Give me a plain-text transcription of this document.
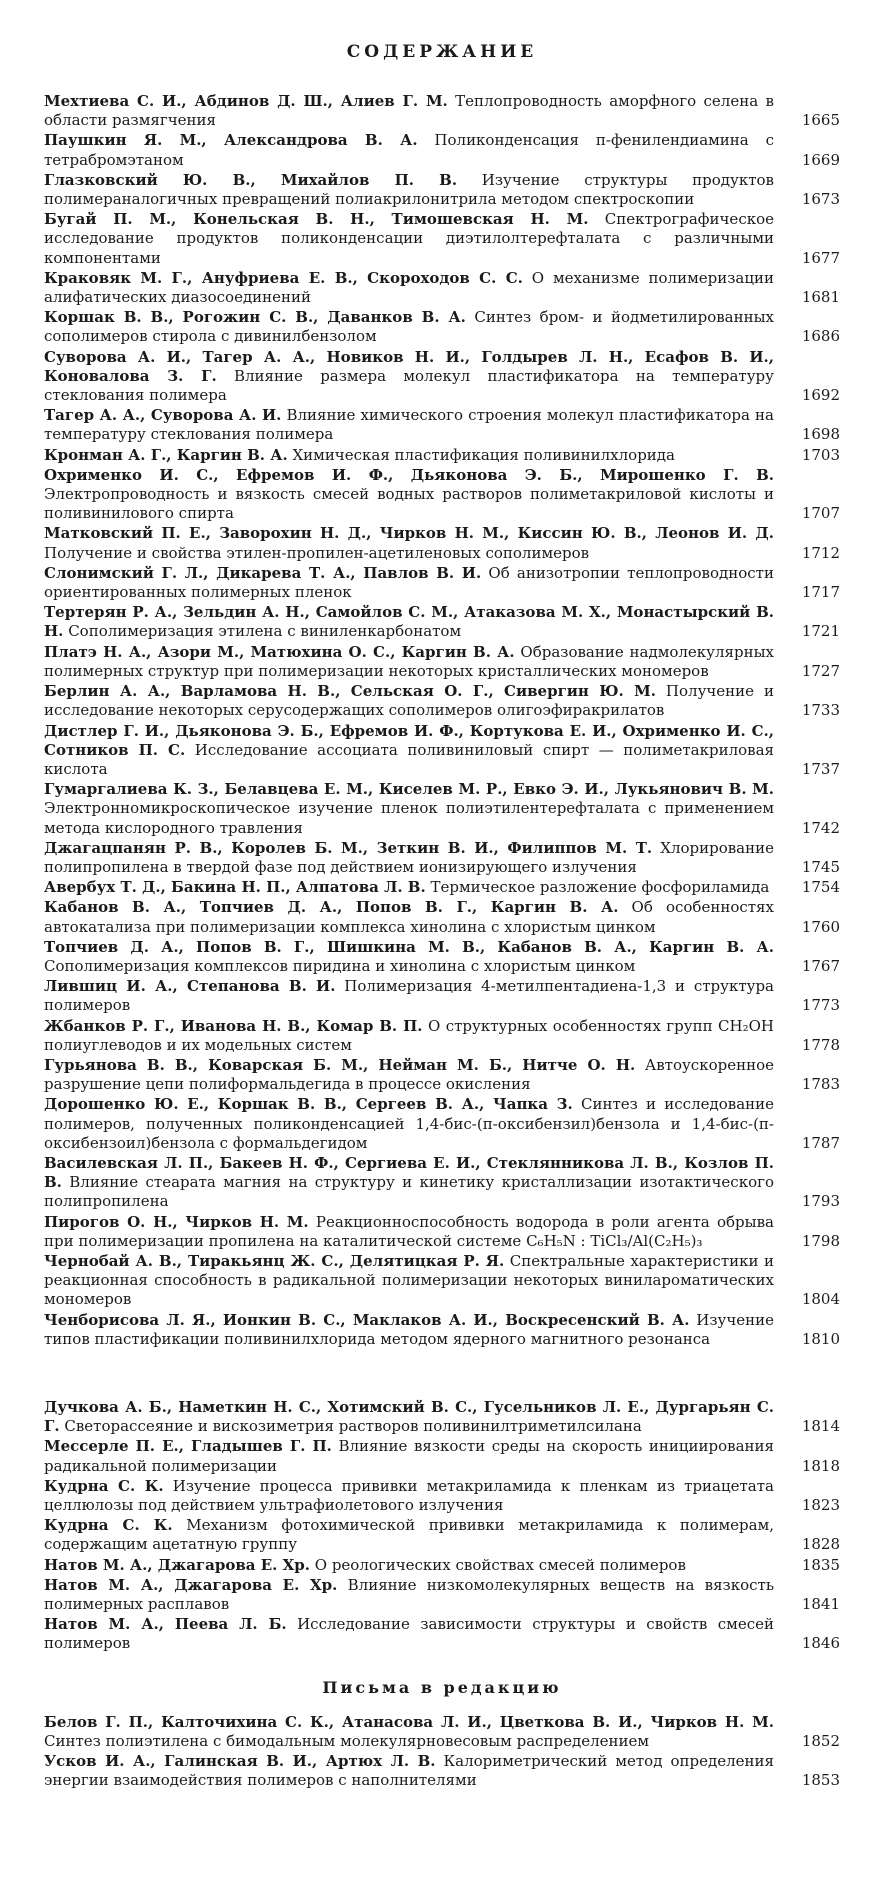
СОДЕРЖАНИЕ
Мехтиева С. И., Абдинов Д. Ш., Алиев Г. М. Теплопроводность аморфного селена в области размягчения	1665
Паушкин Я. М., Александрова В. А. Поликонденсация п-фенилендиамина с тетрабромэтаном	1669
Глазковский Ю. В., Михайлов П. В. Изучение структуры продуктов полимераналогичных превращений полиакрилонитрила методом спектроскопии	1673
Бугай П. М., Конельская В. Н., Тимошевская Н. М. Спектрографическое исследование продуктов поликонденсации диэтилолтерефталата с различными компонентами	1677
Краковяк М. Г., Ануфриева Е. В., Скороходов С. С. О механизме полимеризации алифатических диазосоединений	1681
Коршак В. В., Рогожин С. В., Даванков В. А. Синтез бром- и йодметилированных сополимеров стирола с дивинилбензолом	1686
Суворова А. И., Тагер А. А., Новиков Н. И., Голдырев Л. Н., Есафов В. И., Коновалова З. Г. Влияние размера молекул пластификатора на температуру стеклования полимера	1692
Тагер А. А., Суворова А. И. Влияние химического строения молекул пластификатора на температуру стеклования полимера	1698
Кронман А. Г., Каргин В. А. Химическая пластификация поливинилхлорида	1703
Охрименко И. С., Ефремов И. Ф., Дьяконова Э. Б., Мирошенко Г. В. Электропроводность и вязкость смесей водных растворов полиметакриловой кислоты и поливинилового спирта	1707
Матковский П. Е., Заворохин Н. Д., Чирков Н. М., Киссин Ю. В., Леонов И. Д. Получение и свойства этилен-пропилен-ацетиленовых сополимеров	1712
Слонимский Г. Л., Дикарева Т. А., Павлов В. И. Об анизотропии теплопроводности ориентированных полимерных пленок	1717
Тертерян Р. А., Зельдин А. Н., Самойлов С. М., Атаказова М. Х., Монастырский В. Н. Сополимеризация этилена с виниленкарбонатом	1721
Платэ Н. А., Азори М., Матюхина О. С., Каргин В. А. Образование надмолекулярных полимерных структур при полимеризации некоторых кристаллических мономеров	1727
Берлин А. А., Варламова Н. В., Сельская О. Г., Сивергин Ю. М. Получение и исследование некоторых серусодержащих сополимеров олигоэфиракрилатов	1733
Дистлер Г. И., Дьяконова Э. Б., Ефремов И. Ф., Кортукова Е. И., Охрименко И. С., Сотников П. С. Исследование ассоциата поливиниловый спирт — полиметакриловая кислота	1737
Гумаргалиева К. З., Белавцева Е. М., Киселев М. Р., Евко Э. И., Лукьянович В. М. Электронномикроскопическое изучение пленок полиэтилентерефталата с применением метода кислородного травления	1742
Джагацпанян Р. В., Королев Б. М., Зеткин В. И., Филиппов М. Т. Хлорирование полипропилена в твердой фазе под действием ионизирующего излучения	1745
Авербух Т. Д., Бакина Н. П., Алпатова Л. В. Термическое разложение фосфориламида	1754
Кабанов В. А., Топчиев Д. А., Попов В. Г., Каргин В. А. Об особенностях автокатализа при полимеризации комплекса хинолина с хлористым цинком	1760
Топчиев Д. А., Попов В. Г., Шишкина М. В., Кабанов В. А., Каргин В. А. Сополимеризация комплексов пиридина и хинолина с хлористым цинком	1767
Лившиц И. А., Степанова В. И. Полимеризация 4-метилпентадиена-1,3 и структура полимеров	1773
Жбанков Р. Г., Иванова Н. В., Комар В. П. О структурных особенностях групп CH₂OH полиуглеводов и их модельных систем	1778
Гурьянова В. В., Коварская Б. М., Нейман М. Б., Нитче О. Н. Автоускоренное разрушение цепи полиформальдегида в процессе окисления	1783
Дорошенко Ю. Е., Коршак В. В., Сергеев В. А., Чапка З. Синтез и исследование полимеров, полученных поликонденсацией 1,4-бис-(п-оксибензил)бензола и 1,4-бис-(п-оксибензоил)бензола с формальдегидом	1787
Василевская Л. П., Бакеев Н. Ф., Сергиева Е. И., Стеклянникова Л. В., Козлов П. В. Влияние стеарата магния на структуру и кинетику кристаллизации изотактического полипропилена	1793
Пирогов О. Н., Чирков Н. М. Реакционноспособность водорода в роли агента обрыва при полимеризации пропилена на каталитической системе C₆H₅N : TiCl₃/Al(C₂H₅)₃	1798
Чернобай А. В., Тиракьянц Ж. С., Делятицкая Р. Я. Спектральные характеристики и реакционная способность в радикальной полимеризации некоторых винилароматических мономеров	1804
Ченборисова Л. Я., Ионкин В. С., Маклаков А. И., Воскресенский В. А. Изучение типов пластификации поливинилхлорида методом ядерного магнитного резонанса	1810
Дучкова А. Б., Наметкин Н. С., Хотимский В. С., Гусельников Л. Е., Дургарьян С. Г. Светорассеяние и вискозиметрия растворов поливинилтриметилсилана	1814
Мессерле П. Е., Гладышев Г. П. Влияние вязкости среды на скорость инициирования радикальной полимеризации	1818
Кудрна С. К. Изучение процесса прививки метакриламида к пленкам из триацетата целлюлозы под действием ультрафиолетового излучения	1823
Кудрна С. К. Механизм фотохимической прививки метакриламида к полимерам, содержащим ацетатную группу	1828
Натов М. А., Джагарова Е. Хр. О реологических свойствах смесей полимеров	1835
Натов М. А., Джагарова Е. Хр. Влияние низкомолекулярных веществ на вязкость полимерных расплавов	1841
Натов М. А., Пеева Л. Б. Исследование зависимости структуры и свойств смесей полимеров	1846
Письма в редакцию
Белов Г. П., Калточихина С. К., Атанасова Л. И., Цветкова В. И., Чирков Н. М. Синтез полиэтилена с бимодальным молекулярновесовым распределением	1852
Усков И. А., Галинская В. И., Артюх Л. В. Калориметрический метод определения энергии взаимодействия полимеров с наполнителями	1853
